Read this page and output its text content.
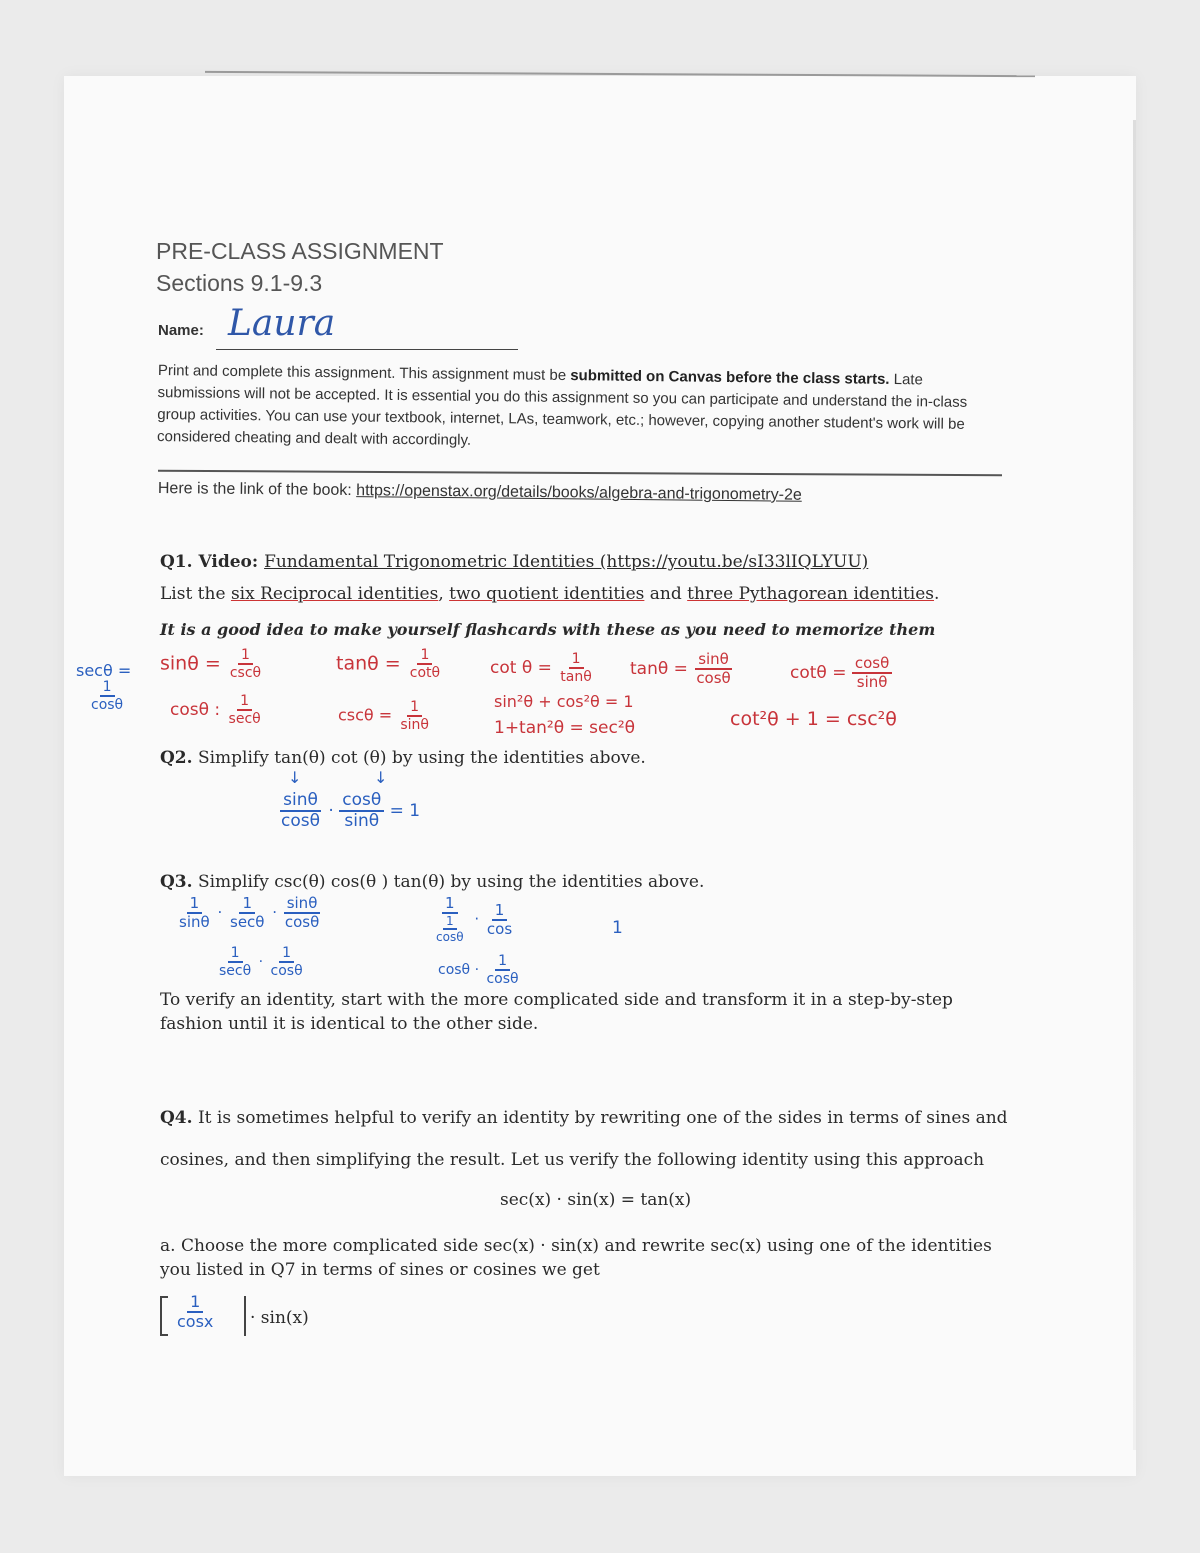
PRE-CLASS ASSIGNMENT

Sections 9.1-9.3

Name: Laura

Print and complete this assignment. This assignment must be submitted on Canvas before the class starts. Late submissions will not be accepted. It is essential you do this assignment so you can participate and understand the in-class group activities. You can use your textbook, internet, LAs, teamwork, etc.; however, copying another student's work will be considered cheating and dealt with accordingly.

Here is the link of the book: https://openstax.org/details/books/algebra-and-trigonometry-2e

Q1. Video: Fundamental Trigonometric Identities (https://youtu.be/sI33lIQLYUU)

List the six Reciprocal identities, two quotient identities and three Pythagorean identities.

It is a good idea to make yourself flashcards with these as you need to memorize them

$\sin\theta = \frac{1}{\csc\theta}$	$\tan\theta = \frac{1}{\cot\theta}$	$\cot \theta = \frac{1}{\tan\theta}$ $\tan\theta = \frac{\sin\theta}{\cos\theta}$	$\cot\theta = \frac{\cos\theta}{\sin\theta}$
cosθ : $\frac{1}{\sec\theta}$	$\csc\theta = \frac{1}{\sin\theta}$	sin²θ + cos²θ = 1
1+tan²θ = sec²θ	cot²θ + 1 = csc²θ
secθ =

$\frac{1}{\cos\theta}$

Q2. Simplify tan(θ) cot (θ) by using the identities above.

↓	↓
$\frac{\sin\theta}{\cos\theta} \cdot \frac{\cos\theta}{\sin\theta} = 1$

Q3. Simplify csc(θ) cos(θ ) tan(θ) by using the identities above.

$\frac{1}{\sin\theta} \cdot \frac{1}{\sec\theta} \cdot \frac{\sin\theta}{\cos\theta}$	$\frac{1}{\frac{1}{\cos\theta}} \cdot \frac{1}{\cos}$	1
$\frac{1}{\sec\theta} \cdot \frac{1}{\cos\theta}$	$\cos\theta \cdot \frac{1}{\cos\theta}$

To verify an identity, start with the more complicated side and transform it in a step-by-step fashion until it is identical to the other side.

Q4. It is sometimes helpful to verify an identity by rewriting one of the sides in terms of sines and

cosines, and then simplifying the result. Let us verify the following identity using this approach

sec(x) · sin(x) = tan(x)

a. Choose the more complicated side sec(x) · sin(x) and rewrite sec(x) using one of the identities

you listed in Q7 in terms of sines or cosines we get

$\frac{1}{\cos x} \cdot \sin(x)$
